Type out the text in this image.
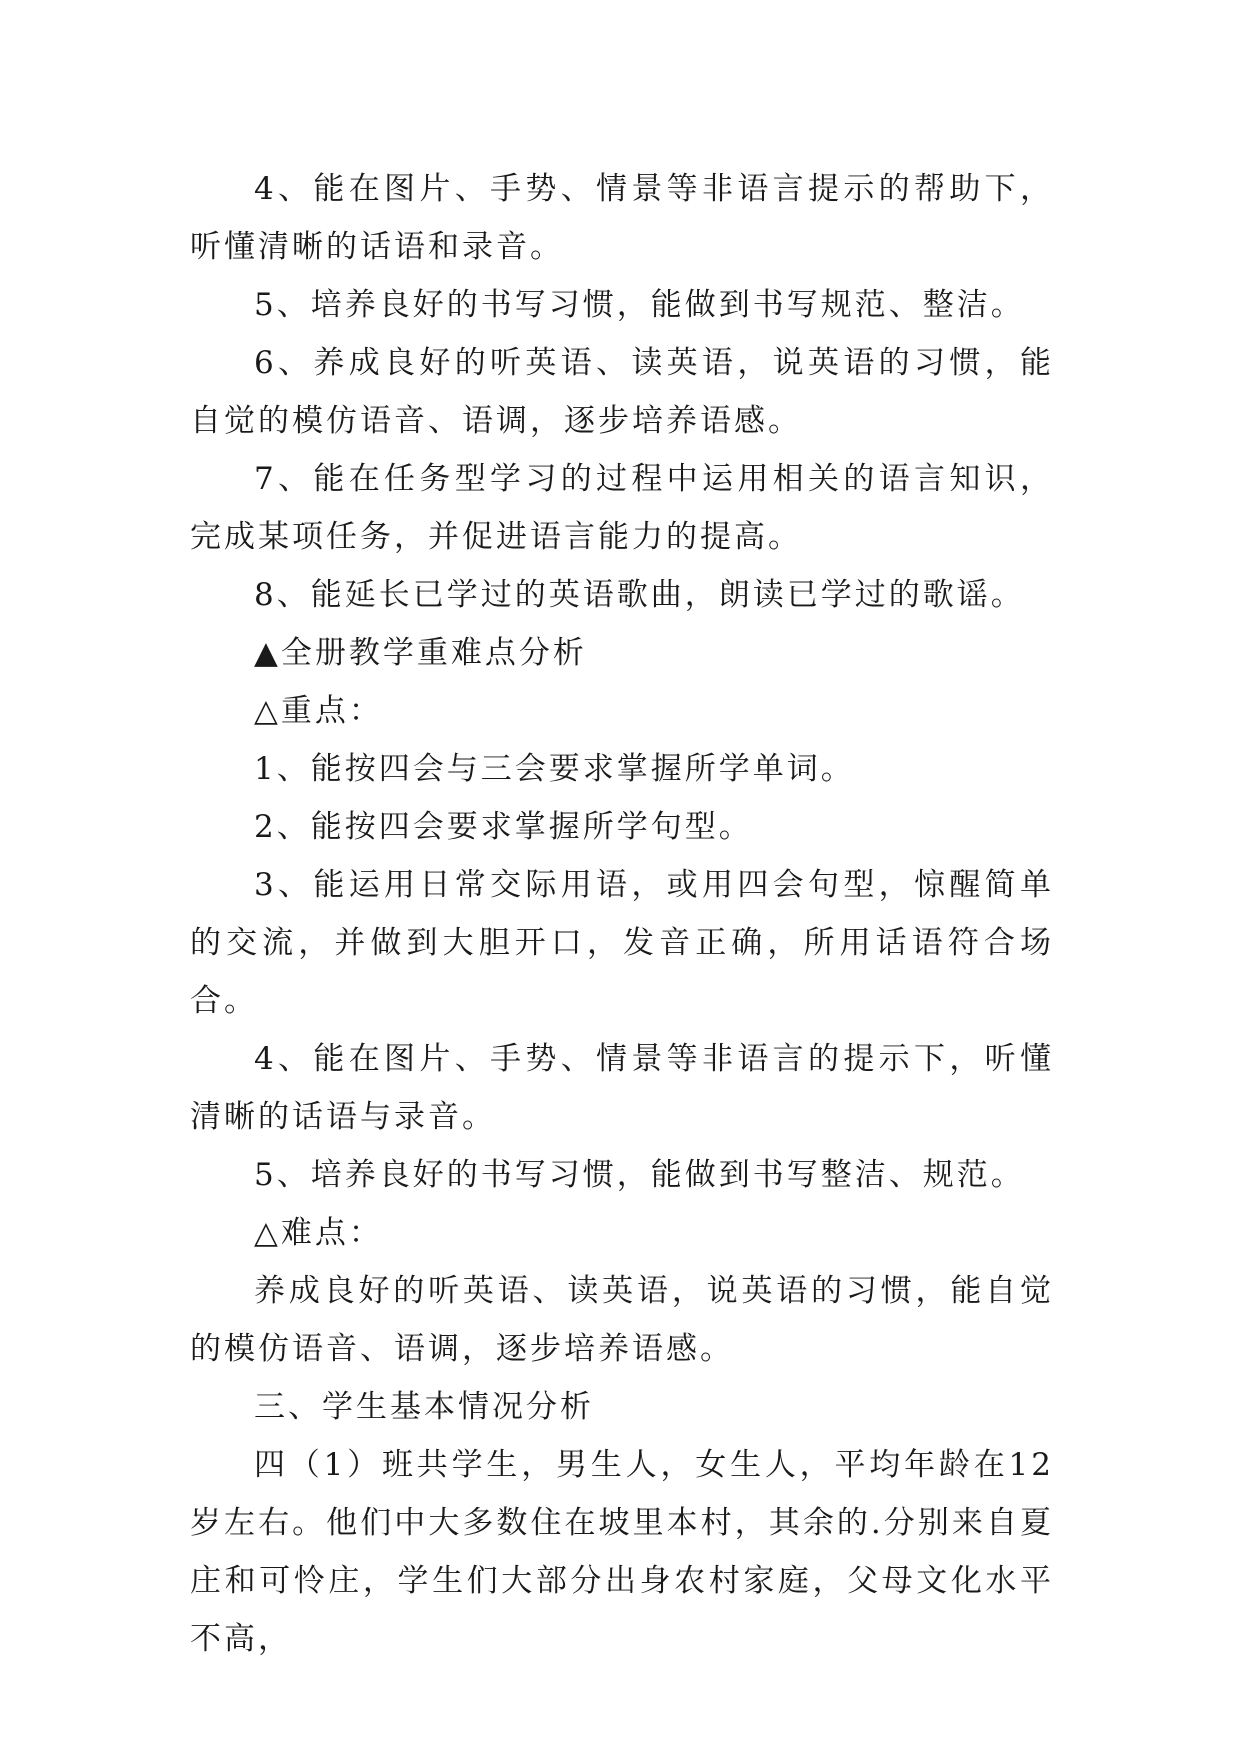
4、能在图片、手势、情景等非语言提示的帮助下，听懂清晰的话语和录音。

5、培养良好的书写习惯，能做到书写规范、整洁。

6、养成良好的听英语、读英语，说英语的习惯，能自觉的模仿语音、语调，逐步培养语感。

7、能在任务型学习的过程中运用相关的语言知识，完成某项任务，并促进语言能力的提高。

8、能延长已学过的英语歌曲，朗读已学过的歌谣。

▲全册教学重难点分析

△重点：

1、能按四会与三会要求掌握所学单词。

2、能按四会要求掌握所学句型。

3、能运用日常交际用语，或用四会句型，惊醒简单的交流，并做到大胆开口，发音正确，所用话语符合场合。

4、能在图片、手势、情景等非语言的提示下，听懂清晰的话语与录音。

5、培养良好的书写习惯，能做到书写整洁、规范。

△难点：

养成良好的听英语、读英语，说英语的习惯，能自觉的模仿语音、语调，逐步培养语感。

三、学生基本情况分析

四（1）班共学生，男生人，女生人，平均年龄在12岁左右。他们中大多数住在坡里本村，其余的.分别来自夏庄和可怜庄，学生们大部分出身农村家庭，父母文化水平不高，
